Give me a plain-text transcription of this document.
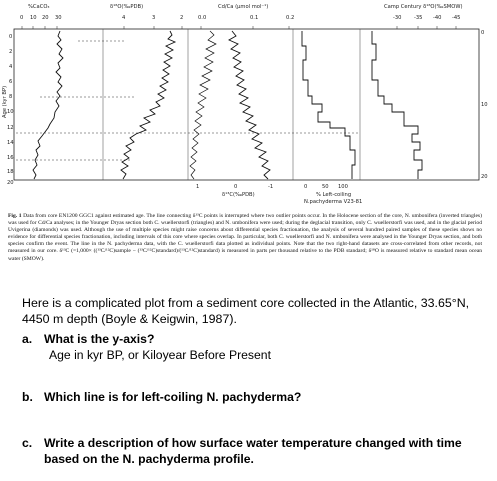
%CaCO₃	δ¹⁸O(‰PDB)	Cd/Ca (μmol mol⁻¹)	Camp Century δ¹⁸O(‰SMOW)
0 10 20 30	4	3	2	0.0	0.1	0.2	-30 -35 -40 -45
Age (kyr BP)
0
2
4
6
8
10
12
14
16
18
20
0
10
20
1	0	-1
δ¹³C(‰PDB)
0	50 100
% Left-coiling
N.pachyderma V23-81
Fig. 1 Data from core EN1200 GGC1 against estimated age. The line connecting δ¹³C points is interrupted where two outlier points occur. In the Holocene section of the core, N. umbonifera (inverted triangles) was used for Cd/Ca analyses; in the Younger Dryas section both C. wuellerstorfi (triangles) and N. umbonifera were used; during the deglacial transition, only C. wuellerstorfi was used, and in the glacial period Uvigerina (diamonds) was used. Although the use of multiple species might raise concerns about differential species fractionation, the analysis of several hundred paired samples of these species shows no evidence for differential species fractionation, including intervals of this core where species overlap. In particular, both C. wuellerstorfi and N. umbonifera were analysed in the Younger Dryas section, and both species confirm the event. The line in the N. pachyderma data, with the C. wuellerstorfi data plotted as individual points. Note that the two right-hand datasets are cross-correlated from other records, not measured in our core. δ¹³C (=1,000× ((¹³C/¹²C)sample − (¹³C/¹²C)standard)/(¹³C/¹²C)standard) is measured in parts per thousand relative to the PDB standard; δ¹⁸O is measured relative to standard mean ocean water (SMOW).
Here is a complicated plot from a sediment core collected in the Atlantic, 33.65°N, 4450 m depth (Boyle & Keigwin, 1987).
a. What is the y-axis?
Age in kyr BP, or Kiloyear Before Present
b. Which line is for left-coiling N. pachyderma?
c. Write a description of how surface water temperature changed with time based on the N. pachyderma profile.
